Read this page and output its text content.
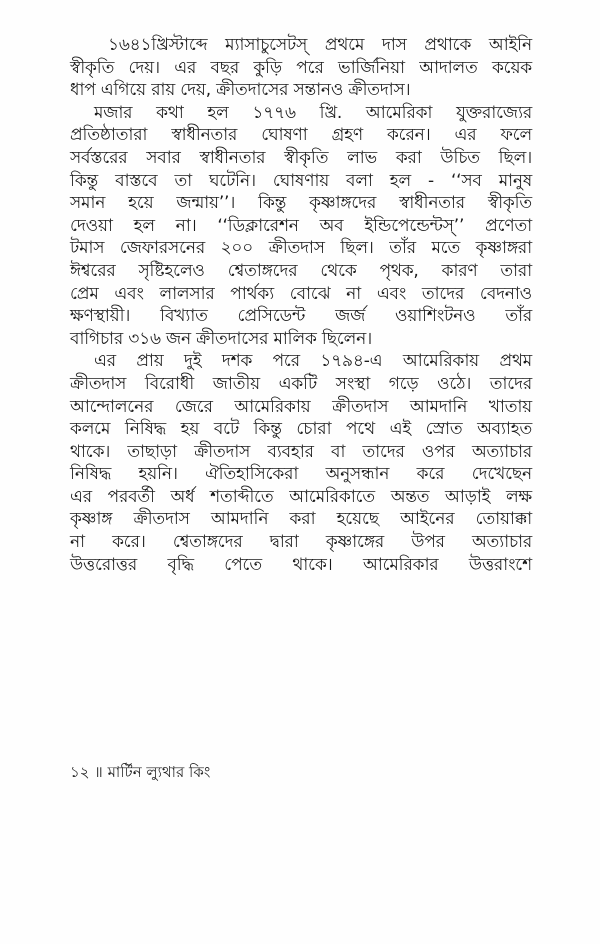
১৬৪১খ্রিস্টাব্দে ম্যাসাচুসেটস্ প্রথমে দাস প্রথাকে আইনি
স্বীকৃতি দেয়। এর বছর কুড়ি পরে ভার্জিনিয়া আদালত কয়েক
ধাপ এগিয়ে রায় দেয়, ক্রীতদাসের সন্তানও ক্রীতদাস।
মজার কথা হল ১৭৭৬ খ্রি. আমেরিকা যুক্তরাজ্যের
প্রতিষ্ঠাতারা স্বাধীনতার ঘোষণা গ্রহণ করেন। এর ফলে
সর্বস্তরের সবার স্বাধীনতার স্বীকৃতি লাভ করা উচিত ছিল।
কিন্তু বাস্তবে তা ঘটেনি। ঘোষণায় বলা হল - ‘‘সব মানুষ
সমান হয়ে জন্মায়’’। কিন্তু কৃষ্ণাঙ্গদের স্বাধীনতার স্বীকৃতি
দেওয়া হল না। ‘‘ডিক্লারেশন অব ইন্ডিপেন্ডেন্টস্’’ প্রণেতা
টমাস জেফারসনের ২০০ ক্রীতদাস ছিল। তাঁর মতে কৃষ্ণাঙ্গরা
ঈশ্বরের সৃষ্টিহলেও শ্বেতাঙ্গদের থেকে পৃথক, কারণ তারা
প্রেম এবং লালসার পার্থক্য বোঝে না এবং তাদের বেদনাও
ক্ষণস্থায়ী। বিখ্যাত প্রেসিডেন্ট জর্জ ওয়াশিংটনও তাঁর
বাগিচার ৩১৬ জন ক্রীতদাসের মালিক ছিলেন।
এর প্রায় দুই দশক পরে ১৭৯৪-এ আমেরিকায় প্রথম
ক্রীতদাস বিরোধী জাতীয় একটি সংস্থা গড়ে ওঠে। তাদের
আন্দোলনের জেরে আমেরিকায় ক্রীতদাস আমদানি খাতায়
কলমে নিষিদ্ধ হয় বটে কিন্তু চোরা পথে এই স্রোত অব্যাহত
থাকে। তাছাড়া ক্রীতদাস ব্যবহার বা তাদের ওপর অত্যাচার
নিষিদ্ধ হয়নি। ঐতিহাসিকেরা অনুসন্ধান করে দেখেছেন
এর পরবর্তী অর্ধ শতাব্দীতে আমেরিকাতে অন্তত আড়াই লক্ষ
কৃষ্ণাঙ্গ ক্রীতদাস আমদানি করা হয়েছে আইনের তোয়াক্কা
না করে। শ্বেতাঙ্গদের দ্বারা কৃষ্ণাঙ্গের উপর অত্যাচার
উত্তরোত্তর বৃদ্ধি পেতে থাকে। আমেরিকার উত্তরাংশে
১২ ॥ মার্টিন ল্যুথার কিং
